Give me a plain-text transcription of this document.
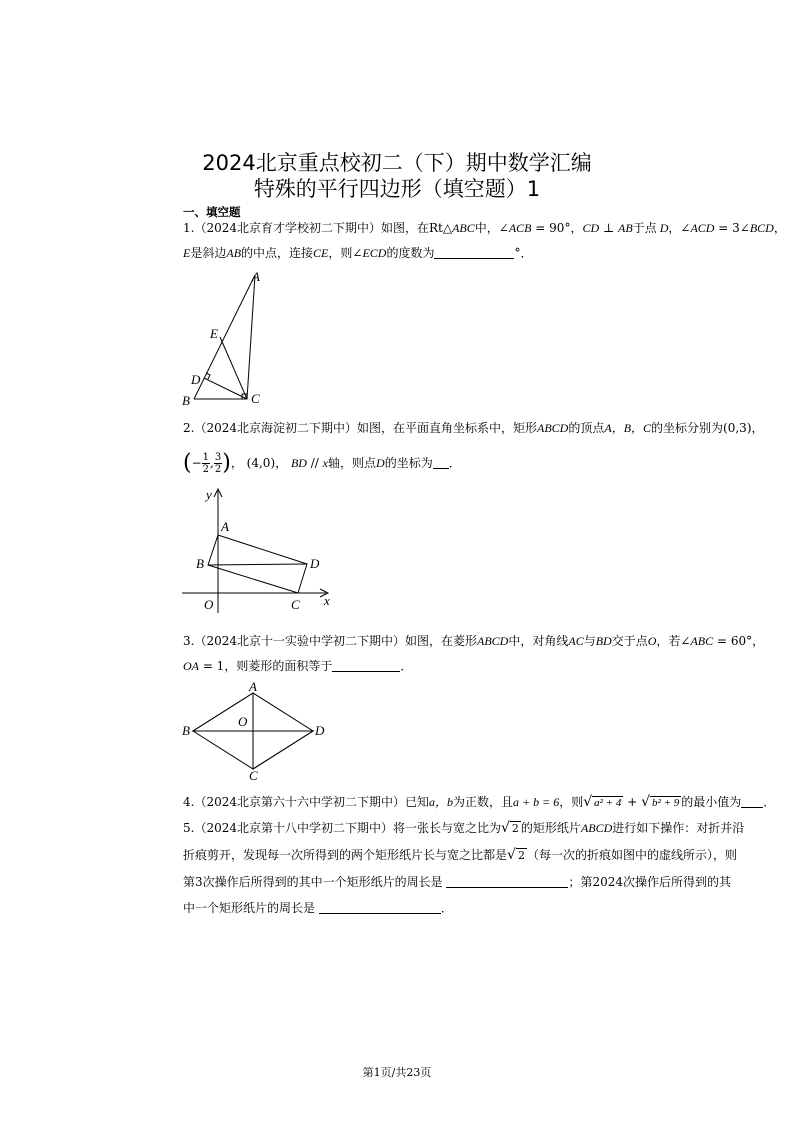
2024北京重点校初二（下）期中数学汇编
特殊的平行四边形（填空题）1
一、填空题
1.（2024北京育才学校初二下期中）如图，在Rt△ABC中，∠ACB = 90°，CD ⊥ AB于点 D，∠ACD = 3∠BCD，
E是斜边AB的中点，连接CE，则∠ECD的度数为	°．
A
E
D
B	C
2.（2024北京海淀初二下期中）如图，在平面直角坐标系中，矩形ABCD的顶点A，B，C的坐标分别为(0,3)，
(− $\frac{1}{2}$ , $\frac{3}{2}$ )， (4,0)， BD // x轴，则点D的坐标为 ．
y
A
B	D
O	C x
3.（2024北京十一实验中学初二下期中）如图，在菱形ABCD中，对角线AC与BD交于点O，若∠ABC = 60°，
OA = 1，则菱形的面积等于	．
A
B
O
D
C
4.（2024北京第六十六中学初二下期中）已知a，b为正数，且a + b = 6，则√ a² + 4 + √ b² + 9 的最小值为 ．
5.（2024北京第十八中学初二下期中）将一张长与宽之比为√ 2 的矩形纸片ABCD进行如下操作：对折并沿
折痕剪开，发现每一次所得到的两个矩形纸片长与宽之比都是√ 2 （每一次的折痕如图中的虚线所示），则
第3次操作后所得到的其中一个矩形纸片的周长是	；第2024次操作后所得到的其
中一个矩形纸片的周长是	．
第1页/共23页
